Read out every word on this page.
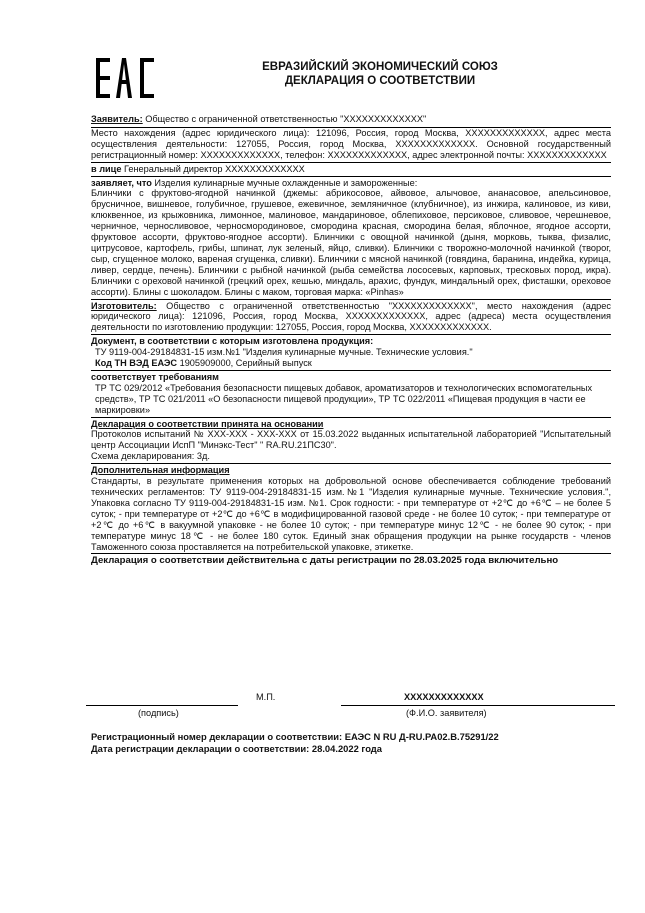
ЕВРАЗИЙСКИЙ ЭКОНОМИЧЕСКИЙ СОЮЗ
ДЕКЛАРАЦИЯ О СООТВЕТСТВИИ
Заявитель: Общество с ограниченной ответственностью "XXXXXXXXXXXXX"
Место нахождения (адрес юридического лица): 121096, Россия, город Москва, XXXXXXXXXXXXX, адрес места осуществления деятельности: 127055, Россия, город Москва, XXXXXXXXXXXXX. Основной государственный регистрационный номер: XXXXXXXXXXXXX, телефон: XXXXXXXXXXXXX, адрес электронной почты: XXXXXXXXXXXXX
в лице Генеральный директор XXXXXXXXXXXXX
заявляет, что Изделия кулинарные мучные охлажденные и замороженные:
Блинчики с фруктово-ягодной начинкой (джемы: абрикосовое, айвовое, алычовое, ананасовое, апельсиновое, брусничное, вишневое, голубичное, грушевое, ежевичное, земляничное (клубничное), из инжира, калиновое, из киви, клюквенное, из крыжовника, лимонное, малиновое, мандариновое, облепиховое, персиковое, сливовое, черешневое, черничное, черносливовое, черносмородиновое, смородина красная, смородина белая, яблочное, ягодное ассорти, фруктовое ассорти, фруктово-ягодное ассорти). Блинчики с овощной начинкой (дыня, морковь, тыква, физалис, цитрусовое, картофель, грибы, шпинат, лук зеленый, яйцо, сливки). Блинчики с творожно-молочной начинкой (творог, сыр, сгущенное молоко, вареная сгущенка, сливки). Блинчики с мясной начинкой (говядина, баранина, индейка, курица, ливер, сердце, печень). Блинчики с рыбной начинкой (рыба семейства лососевых, карповых, тресковых пород, икра). Блинчики с ореховой начинкой (грецкий орех, кешью, миндаль, арахис, фундук, миндальный орех, фисташки, ореховое ассорти). Блины с шоколадом. Блины с маком, торговая марка: «Pinhas»
Изготовитель: Общество с ограниченной ответственностью "XXXXXXXXXXXXX", место нахождения (адрес юридического лица): 121096, Россия, город Москва, XXXXXXXXXXXXX, адрес (адреса) места осуществления деятельности по изготовлению продукции: 127055, Россия, город Москва, XXXXXXXXXXXXX.
Документ, в соответствии с которым изготовлена продукция:
ТУ 9119-004-29184831-15 изм.№1 "Изделия кулинарные мучные. Технические условия."
Код ТН ВЭД ЕАЭС 1905909000, Серийный выпуск
соответствует требованиям
ТР ТС 029/2012 «Требования безопасности пищевых добавок, ароматизаторов и технологических вспомогательных средств», ТР ТС 021/2011 «О безопасности пищевой продукции», ТР ТС 022/2011 «Пищевая продукция в части ее маркировки»
Декларация о соответствии принята на основании
Протоколов испытаний № XXX-XXX - XXX-XXX от 15.03.2022 выданных испытательной лабораторией "Испытательный центр Ассоциации ИспП "Минэкс-Тест" " RA.RU.21ПС30".
Схема декларирования: 3д.
Дополнительная информация
Стандарты, в результате применения которых на добровольной основе обеспечивается соблюдение требований технических регламентов: ТУ 9119-004-29184831-15 изм.№1 "Изделия кулинарные мучные. Технические условия.", Упаковка согласно ТУ 9119-004-29184831-15 изм. №1. Срок годности: - при температуре от +2℃ до +6℃ – не более 5 суток; - при температуре от +2℃ до +6℃ в модифицированной газовой среде - не более 10 суток; - при температуре от +2℃ до +6℃ в вакуумной упаковке - не более 10 суток; - при температуре минус 12℃ - не более 90 суток; - при температуре минус 18℃ - не более 180 суток. Единый знак обращения продукции на рынке государств - членов Таможенного союза проставляется на потребительской упаковке, этикетке.
Декларация о соответствии действительна с даты регистрации по 28.03.2025 года включительно
М.П.	XXXXXXXXXXXXX
(подпись)	(Ф.И.О. заявителя)
Регистрационный номер декларации о соответствии: ЕАЭС N RU Д-RU.РА02.В.75291/22
Дата регистрации декларации о соответствии: 28.04.2022 года
